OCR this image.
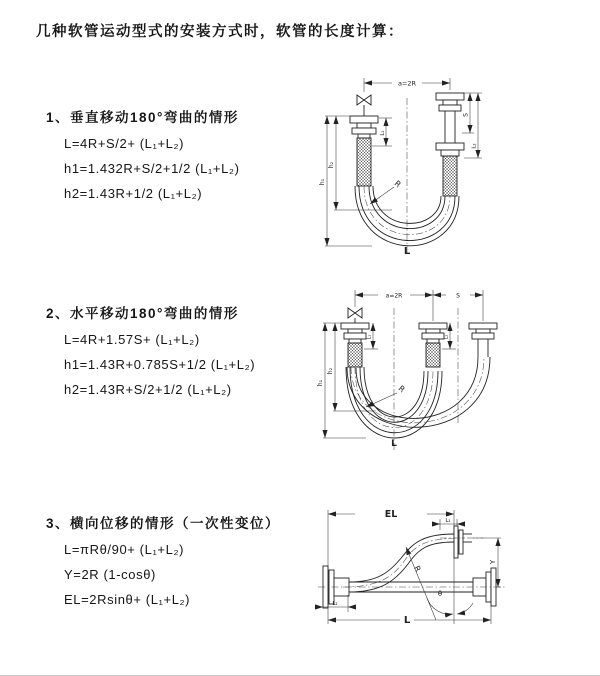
几种软管运动型式的安装方式时，软管的长度计算：
1、垂直移动180°弯曲的情形
L=4R+S/2+ (L₁+L₂)
h1=1.432R+S/2+1/2 (L₁+L₂)
h2=1.43R+1/2 (L₁+L₂)
2、水平移动180°弯曲的情形
L=4R+1.57S+ (L₁+L₂)
h1=1.43R+0.785S+1/2 (L₁+L₂)
h2=1.43R+S/2+1/2 (L₁+L₂)
3、横向位移的情形（一次性变位）
L=πRθ/90+ (L₁+L₂)
Y=2R (1-cosθ)
EL=2Rsinθ+ (L₁+L₂)
a=2R
h₁
h₂
L₁
S
L₂
R
L
a=2R	S
h₁
h₂
L₁	L₂
R
L
EL
L₁
R
θ
Y
L₂
L
